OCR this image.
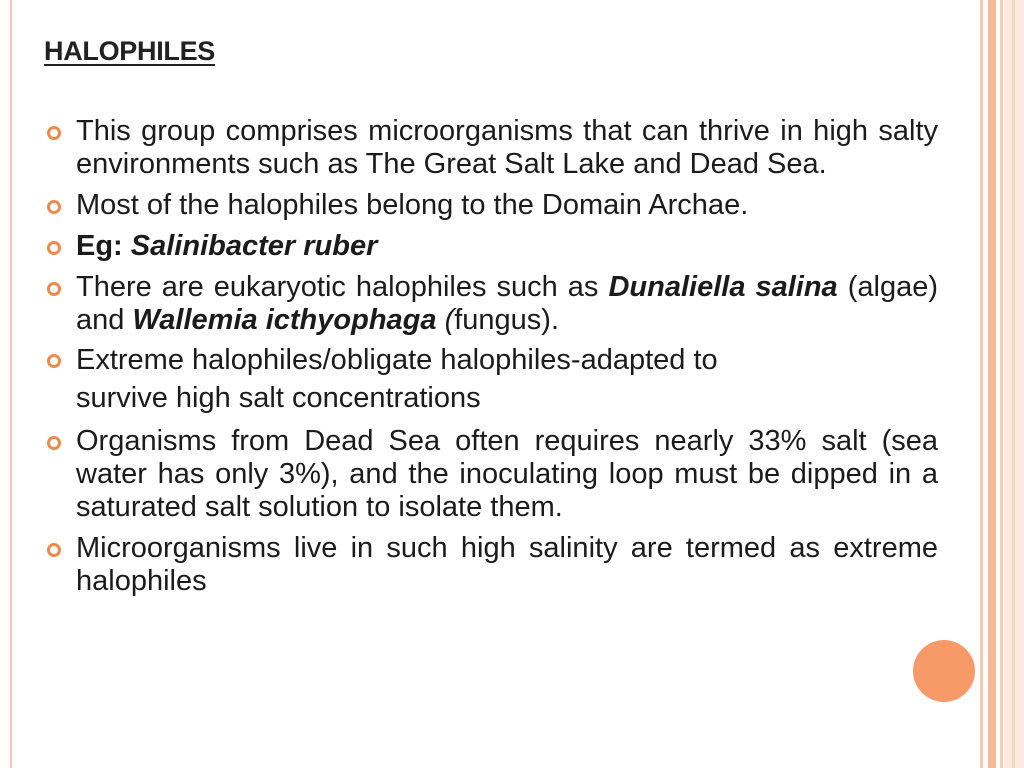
HALOPHILES
This group comprises microorganisms that can thrive in high salty environments such as The Great Salt Lake and Dead Sea.
Most of the halophiles belong to the Domain Archae.
Eg: Salinibacter ruber
There are eukaryotic halophiles such as Dunaliella salina (algae) and Wallemia icthyophaga (fungus).
Extreme halophiles/obligate halophiles-adapted to
survive high salt concentrations
Organisms from Dead Sea often requires nearly 33% salt (sea water has only 3%), and the inoculating loop must be dipped in a saturated salt solution to isolate them.
Microorganisms live in such high salinity are termed as extreme halophiles
